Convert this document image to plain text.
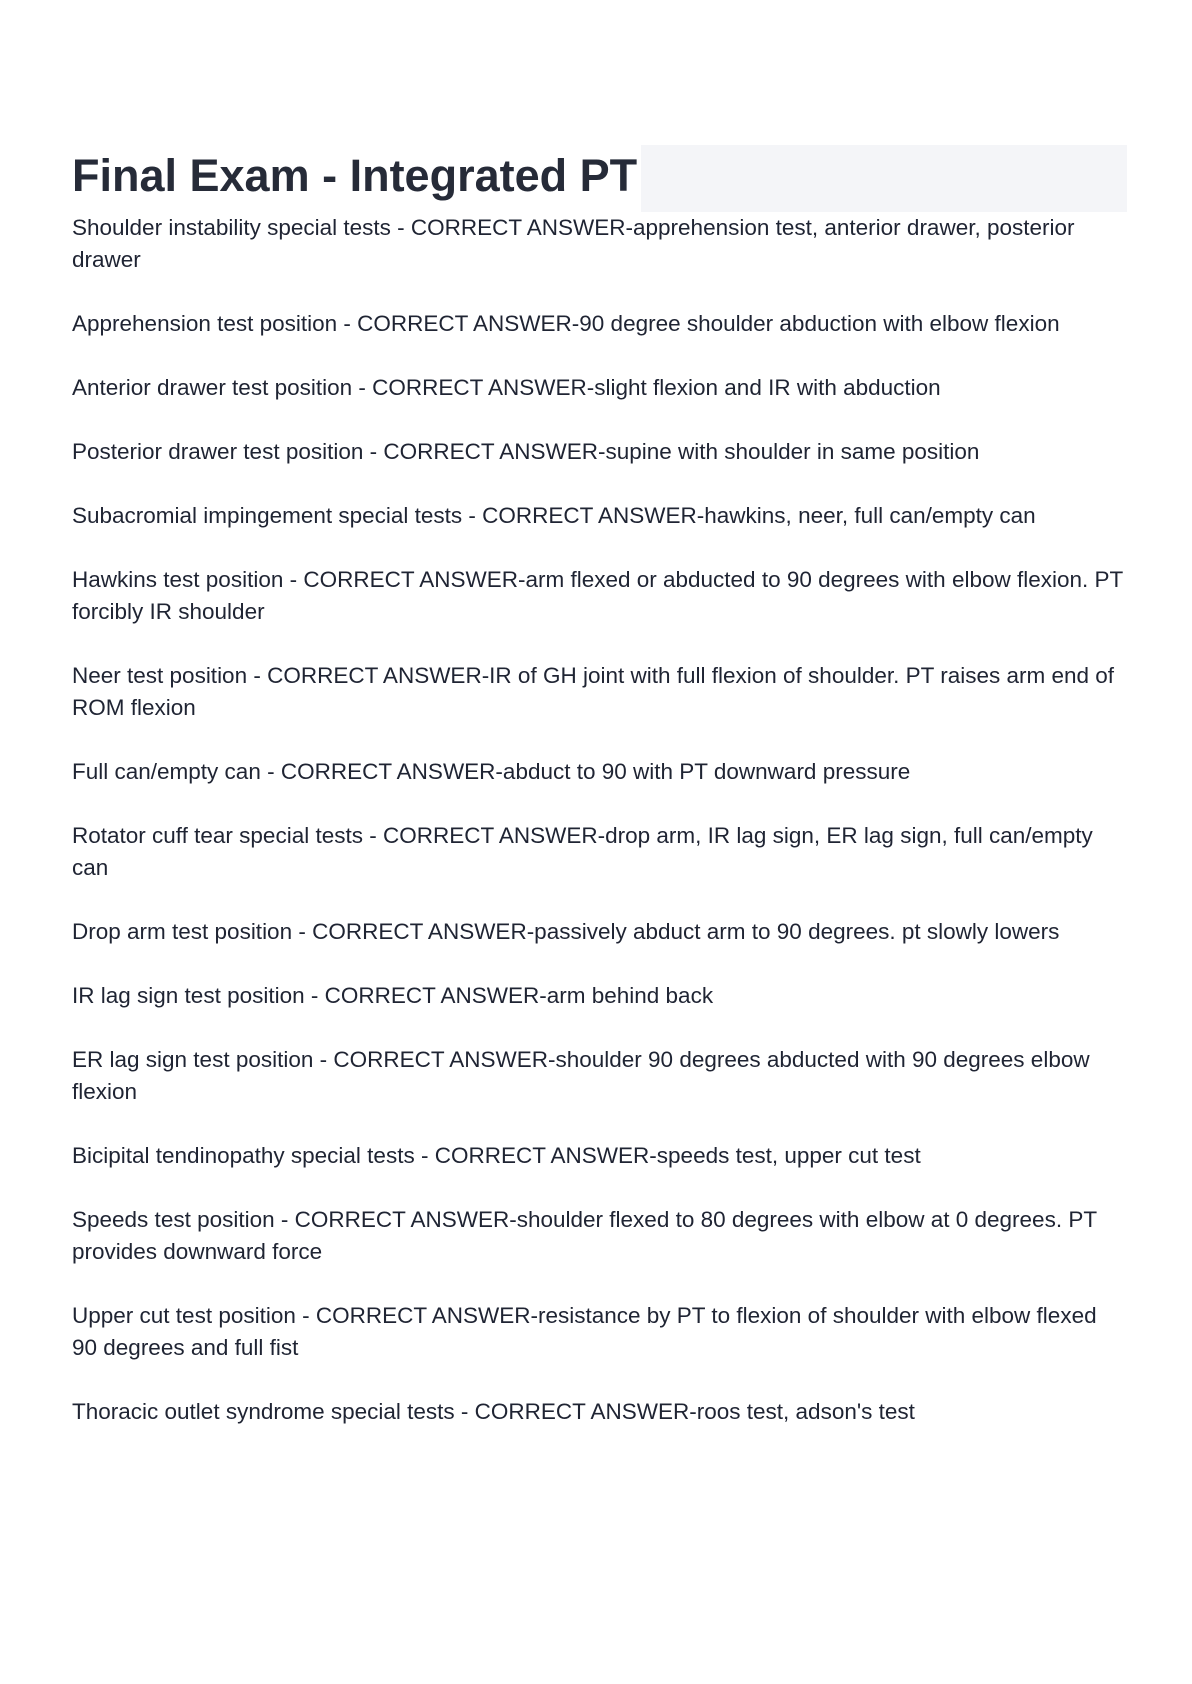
Final Exam - Integrated PT
Shoulder instability special tests - CORRECT ANSWER-apprehension test, anterior drawer, posterior drawer
Apprehension test position - CORRECT ANSWER-90 degree shoulder abduction with elbow flexion
Anterior drawer test position - CORRECT ANSWER-slight flexion and IR with abduction
Posterior drawer test position - CORRECT ANSWER-supine with shoulder in same position
Subacromial impingement special tests - CORRECT ANSWER-hawkins, neer, full can/empty can
Hawkins test position - CORRECT ANSWER-arm flexed or abducted to 90 degrees with elbow flexion. PT forcibly IR shoulder
Neer test position - CORRECT ANSWER-IR of GH joint with full flexion of shoulder. PT raises arm end of ROM flexion
Full can/empty can - CORRECT ANSWER-abduct to 90 with PT downward pressure
Rotator cuff tear special tests - CORRECT ANSWER-drop arm, IR lag sign, ER lag sign, full can/empty can
Drop arm test position - CORRECT ANSWER-passively abduct arm to 90 degrees. pt slowly lowers
IR lag sign test position - CORRECT ANSWER-arm behind back
ER lag sign test position - CORRECT ANSWER-shoulder 90 degrees abducted with 90 degrees elbow flexion
Bicipital tendinopathy special tests - CORRECT ANSWER-speeds test, upper cut test
Speeds test position - CORRECT ANSWER-shoulder flexed to 80 degrees with elbow at 0 degrees. PT provides downward force
Upper cut test position - CORRECT ANSWER-resistance by PT to flexion of shoulder with elbow flexed 90 degrees and full fist
Thoracic outlet syndrome special tests - CORRECT ANSWER-roos test, adson's test
